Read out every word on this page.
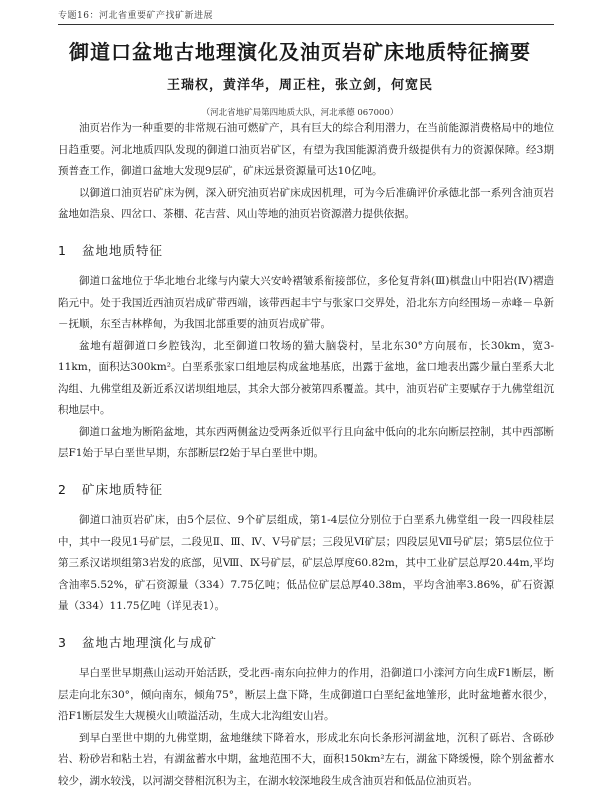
专题16：河北省重要矿产找矿新进展
御道口盆地古地理演化及油页岩矿床地质特征摘要
王瑞权，黄洋华，周正柱，张立剑，何宽民
（河北省地矿局第四地质大队，河北承德 067000）

油页岩作为一种重要的非常规石油可燃矿产，具有巨大的综合利用潜力，在当前能源消费格局中的地位日趋重要。河北地质四队发现的御道口油页岩矿区，有望为我国能源消费升级提供有力的资源保障。经3期预普查工作，御道口盆地大发现9层矿，矿床远景资源量可达10亿吨。

以御道口油页岩矿床为例，深入研究油页岩矿床成因机理，可为今后准确评价承德北部一系列含油页岩盆地如浩泉、四岔口、茶棚、花吉营、风山等地的油页岩资源潜力提供依据。

1 盆地地质特征

御道口盆地位于华北地台北缘与内蒙大兴安岭褶皱系衔接部位，多伦复背斜(Ⅲ)棋盘山中阳岩(Ⅳ)褶造陷元中。处于我国近西油页岩成矿带西端，该带西起丰宁与张家口交界处，沿北东方向经围场－赤峰－阜新－抚顺，东至吉林桦甸，为我国北部重要的油页岩成矿带。

盆地有超御道口乡腔钱沟，北至御道口牧场的猫大脑袋村，呈北东30°方向展布，长30km，宽3-11km，面积达300km²。白垩系张家口组地层构成盆地基底，出露于盆地，盆口地表出露少量白垩系大北沟组、九佛堂组及新近系汉诺坝组地层，其余大部分被第四系覆盖。其中，油页岩矿主要赋存于九佛堂组沉积地层中。

御道口盆地为断陷盆地，其东西两侧盆边受两条近似平行且向盆中低向的北东向断层控制，其中西部断层F1始于早白垩世早期，东部断层f2始于早白垩世中期。

2 矿床地质特征

御道口油页岩矿床，由5个层位、9个矿层组成，第1-4层位分别位于白垩系九佛堂组一段一四段桂层中，其中一段见1号矿层，二段见Ⅱ、Ⅲ、Ⅳ、Ⅴ号矿层；三段见Ⅵ矿层；四段层见Ⅶ号矿层；第5层位位于第三系汉诺坝组第3岩发的底部，见Ⅷ、Ⅸ号矿层，矿层总厚度60.82m，其中工业矿层总厚20.44m,平均含油率5.52%，矿石资源量（334）7.75亿吨；低品位矿层总厚40.38m，平均含油率3.86%，矿石资源量（334）11.75亿吨（详见表1）。

3 盆地古地理演化与成矿

早白垩世早期燕山运动开始活跃，受北西-南东向拉伸力的作用，沿御道口小滦河方向生成F1断层，断层走向北东30°，倾向南东，倾角75°，断层上盘下降，生成御道口白垩纪盆地雏形，此时盆地蓄水很少，沿F1断层发生大规模火山喷溢活动，生成大北沟组安山岩。

到早白垩世中期的九佛堂期，盆地继续下降着水，形成北东向长条形河湖盆地，沉积了砾岩、含砾砂岩、粉砂岩和粘土岩，有湖盆蓄水中期，盆地范围不大，面积150km²左右，湖盆下降缓慢，除个别盆蓄水较少，湖水较浅，以河湖交替相沉积为主，在湖水较深地段生成含油页岩和低品位油页岩。
